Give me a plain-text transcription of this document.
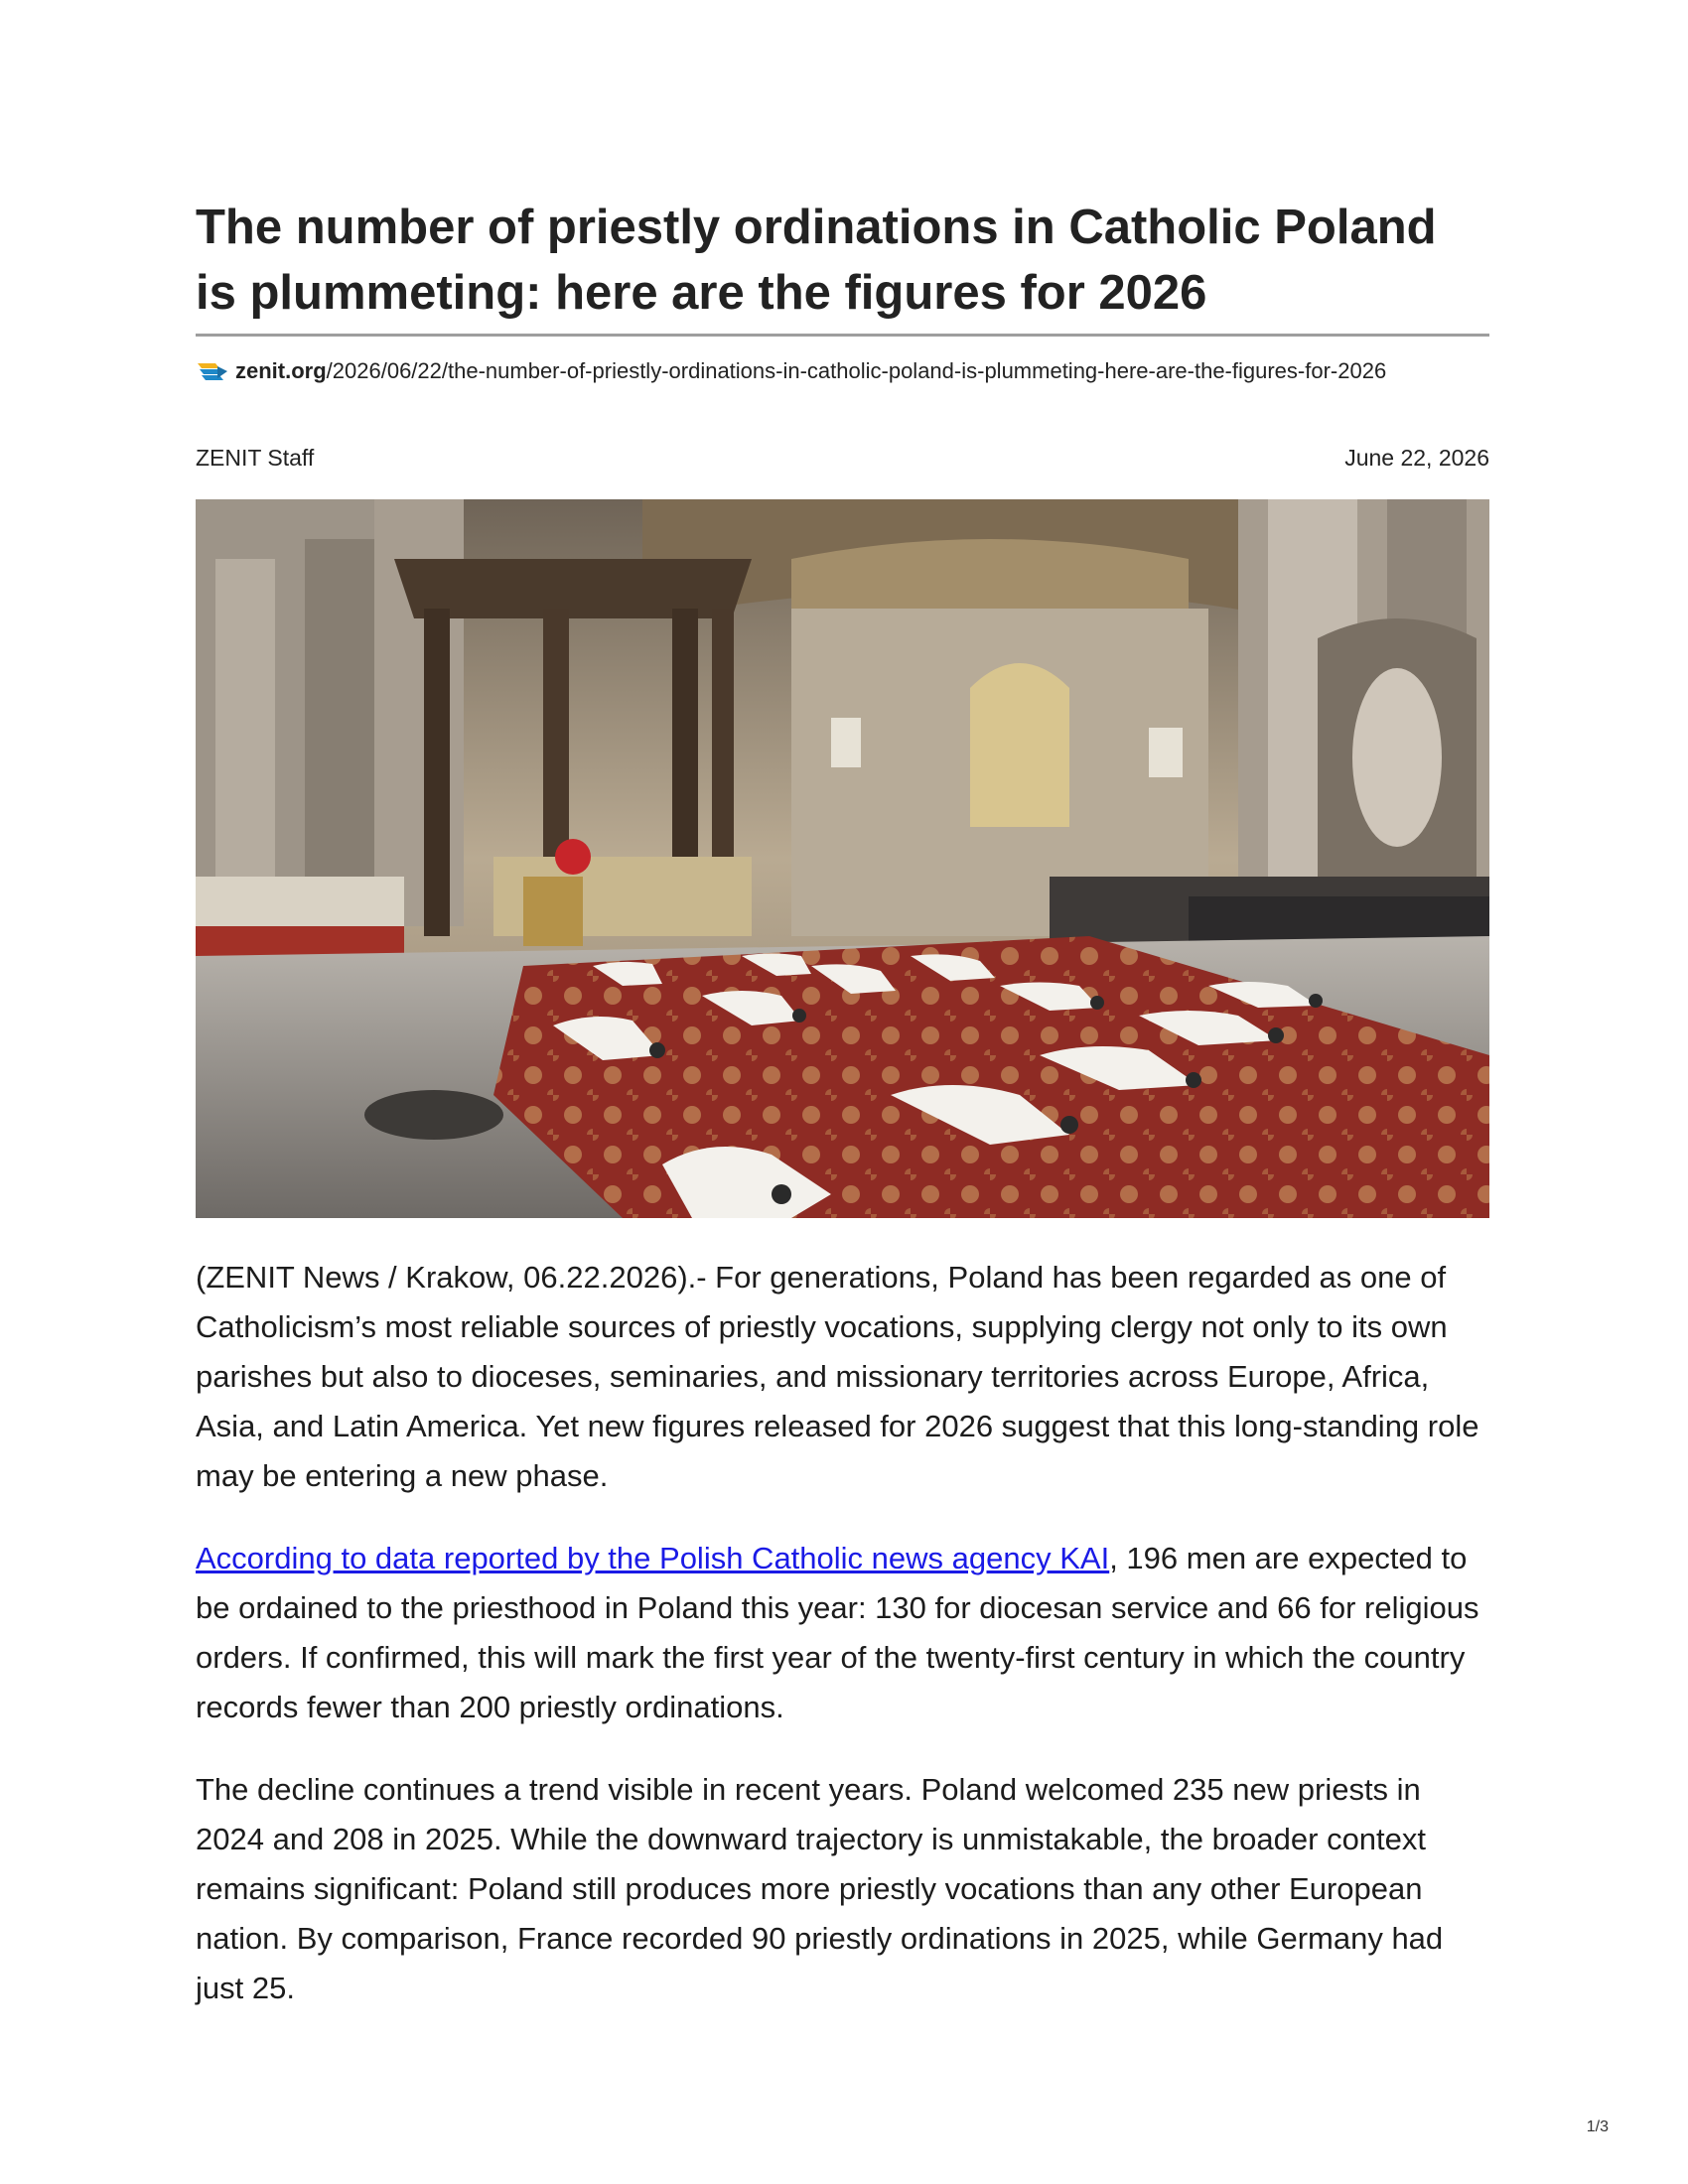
The number of priestly ordinations in Catholic Poland is plummeting: here are the figures for 2026
zenit.org/2026/06/22/the-number-of-priestly-ordinations-in-catholic-poland-is-plummeting-here-are-the-figures-for-2026
ZENIT Staff	June 22, 2026

(ZENIT News / Krakow, 06.22.2026).- For generations, Poland has been regarded as one of Catholicism’s most reliable sources of priestly vocations, supplying clergy not only to its own parishes but also to dioceses, seminaries, and missionary territories across Europe, Africa, Asia, and Latin America. Yet new figures released for 2026 suggest that this long-standing role may be entering a new phase.

According to data reported by the Polish Catholic news agency KAI, 196 men are expected to be ordained to the priesthood in Poland this year: 130 for diocesan service and 66 for religious orders. If confirmed, this will mark the first year of the twenty-first century in which the country records fewer than 200 priestly ordinations.

The decline continues a trend visible in recent years. Poland welcomed 235 new priests in 2024 and 208 in 2025. While the downward trajectory is unmistakable, the broader context remains significant: Poland still produces more priestly vocations than any other European nation. By comparison, France recorded 90 priestly ordinations in 2025, while Germany had just 25.

1/3
